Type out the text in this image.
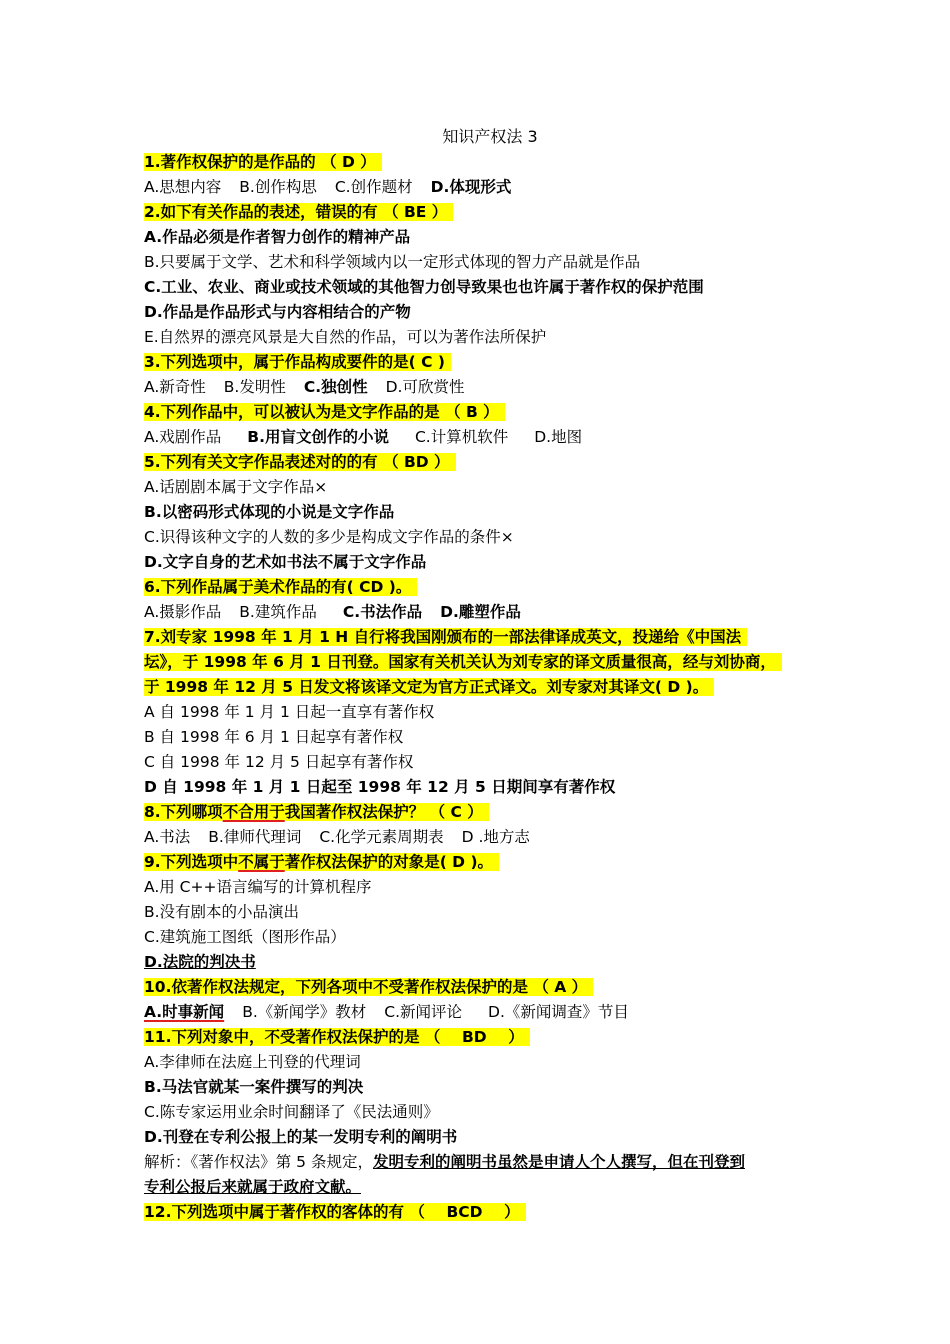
知识产权法 3
1.著作权保护的是作品的 （ D ）
A.思想内容 B.创作构思 C.创作题材 D.体现形式
2.如下有关作品的表述，错误的有 （ BE ）
A.作品必须是作者智力创作的精神产品
B.只要属于文学、艺术和科学领域内以一定形式体现的智力产品就是作品
C.工业、农业、商业或技术领域的其他智力创导致果也也许属于著作权的保护范围
D.作品是作品形式与内容相结合的产物
E.自然界的漂亮风景是大自然的作品，可以为著作法所保护
3.下列选项中，属于作品构成要件的是( C )
A.新奇性 B.发明性 C.独创性 D.可欣赏性
4.下列作品中，可以被认为是文字作品的是 （ B ）
A.戏剧作品 B.用盲文创作的小说 C.计算机软件 D.地图
5.下列有关文字作品表述对的的有 （ BD ）
A.话剧剧本属于文字作品×
B.以密码形式体现的小说是文字作品
C.识得该种文字的人数的多少是构成文字作品的条件×
D.文字自身的艺术如书法不属于文字作品
6.下列作品属于美术作品的有( CD )。
A.摄影作品 B.建筑作品 C.书法作品 D.雕塑作品
7.刘专家 1998 年 1 月 1 H 自行将我国刚颁布的一部法律译成英文，投递给《中国法
坛》，于 1998 年 6 月 1 日刊登。国家有关机关认为刘专家的译文质量很高，经与刘协商，
于 1998 年 12 月 5 日发文将该译文定为官方正式译文。刘专家对其译文( D )。
A 自 1998 年 1 月 1 日起一直享有著作权
B 自 1998 年 6 月 1 日起享有著作权
C 自 1998 年 12 月 5 日起享有著作权
D 自 1998 年 1 月 1 日起至 1998 年 12 月 5 日期间享有著作权
8.下列哪项不合用于我国著作权法保护？ （ C ）
A.书法 B.律师代理词 C.化学元素周期表 D .地方志
9.下列选项中不属于著作权法保护的对象是( D )。
A.用 C++语言编写的计算机程序
B.没有剧本的小品演出
C.建筑施工图纸（图形作品）
D.法院的判决书
10.依著作权法规定，下列各项中不受著作权法保护的是 （ A ）
A.时事新闻 B.《新闻学》教材 C.新闻评论 D.《新闻调查》节目
11.下列对象中，不受著作权法保护的是 （    BD    ）
A.李律师在法庭上刊登的代理词
B.马法官就某一案件撰写的判决
C.陈专家运用业余时间翻译了《民法通则》
D.刊登在专利公报上的某一发明专利的阐明书
解析：《著作权法》第 5 条规定，发明专利的阐明书虽然是申请人个人撰写，但在刊登到
专利公报后来就属于政府文献。
12.下列选项中属于著作权的客体的有 （    BCD    ）
